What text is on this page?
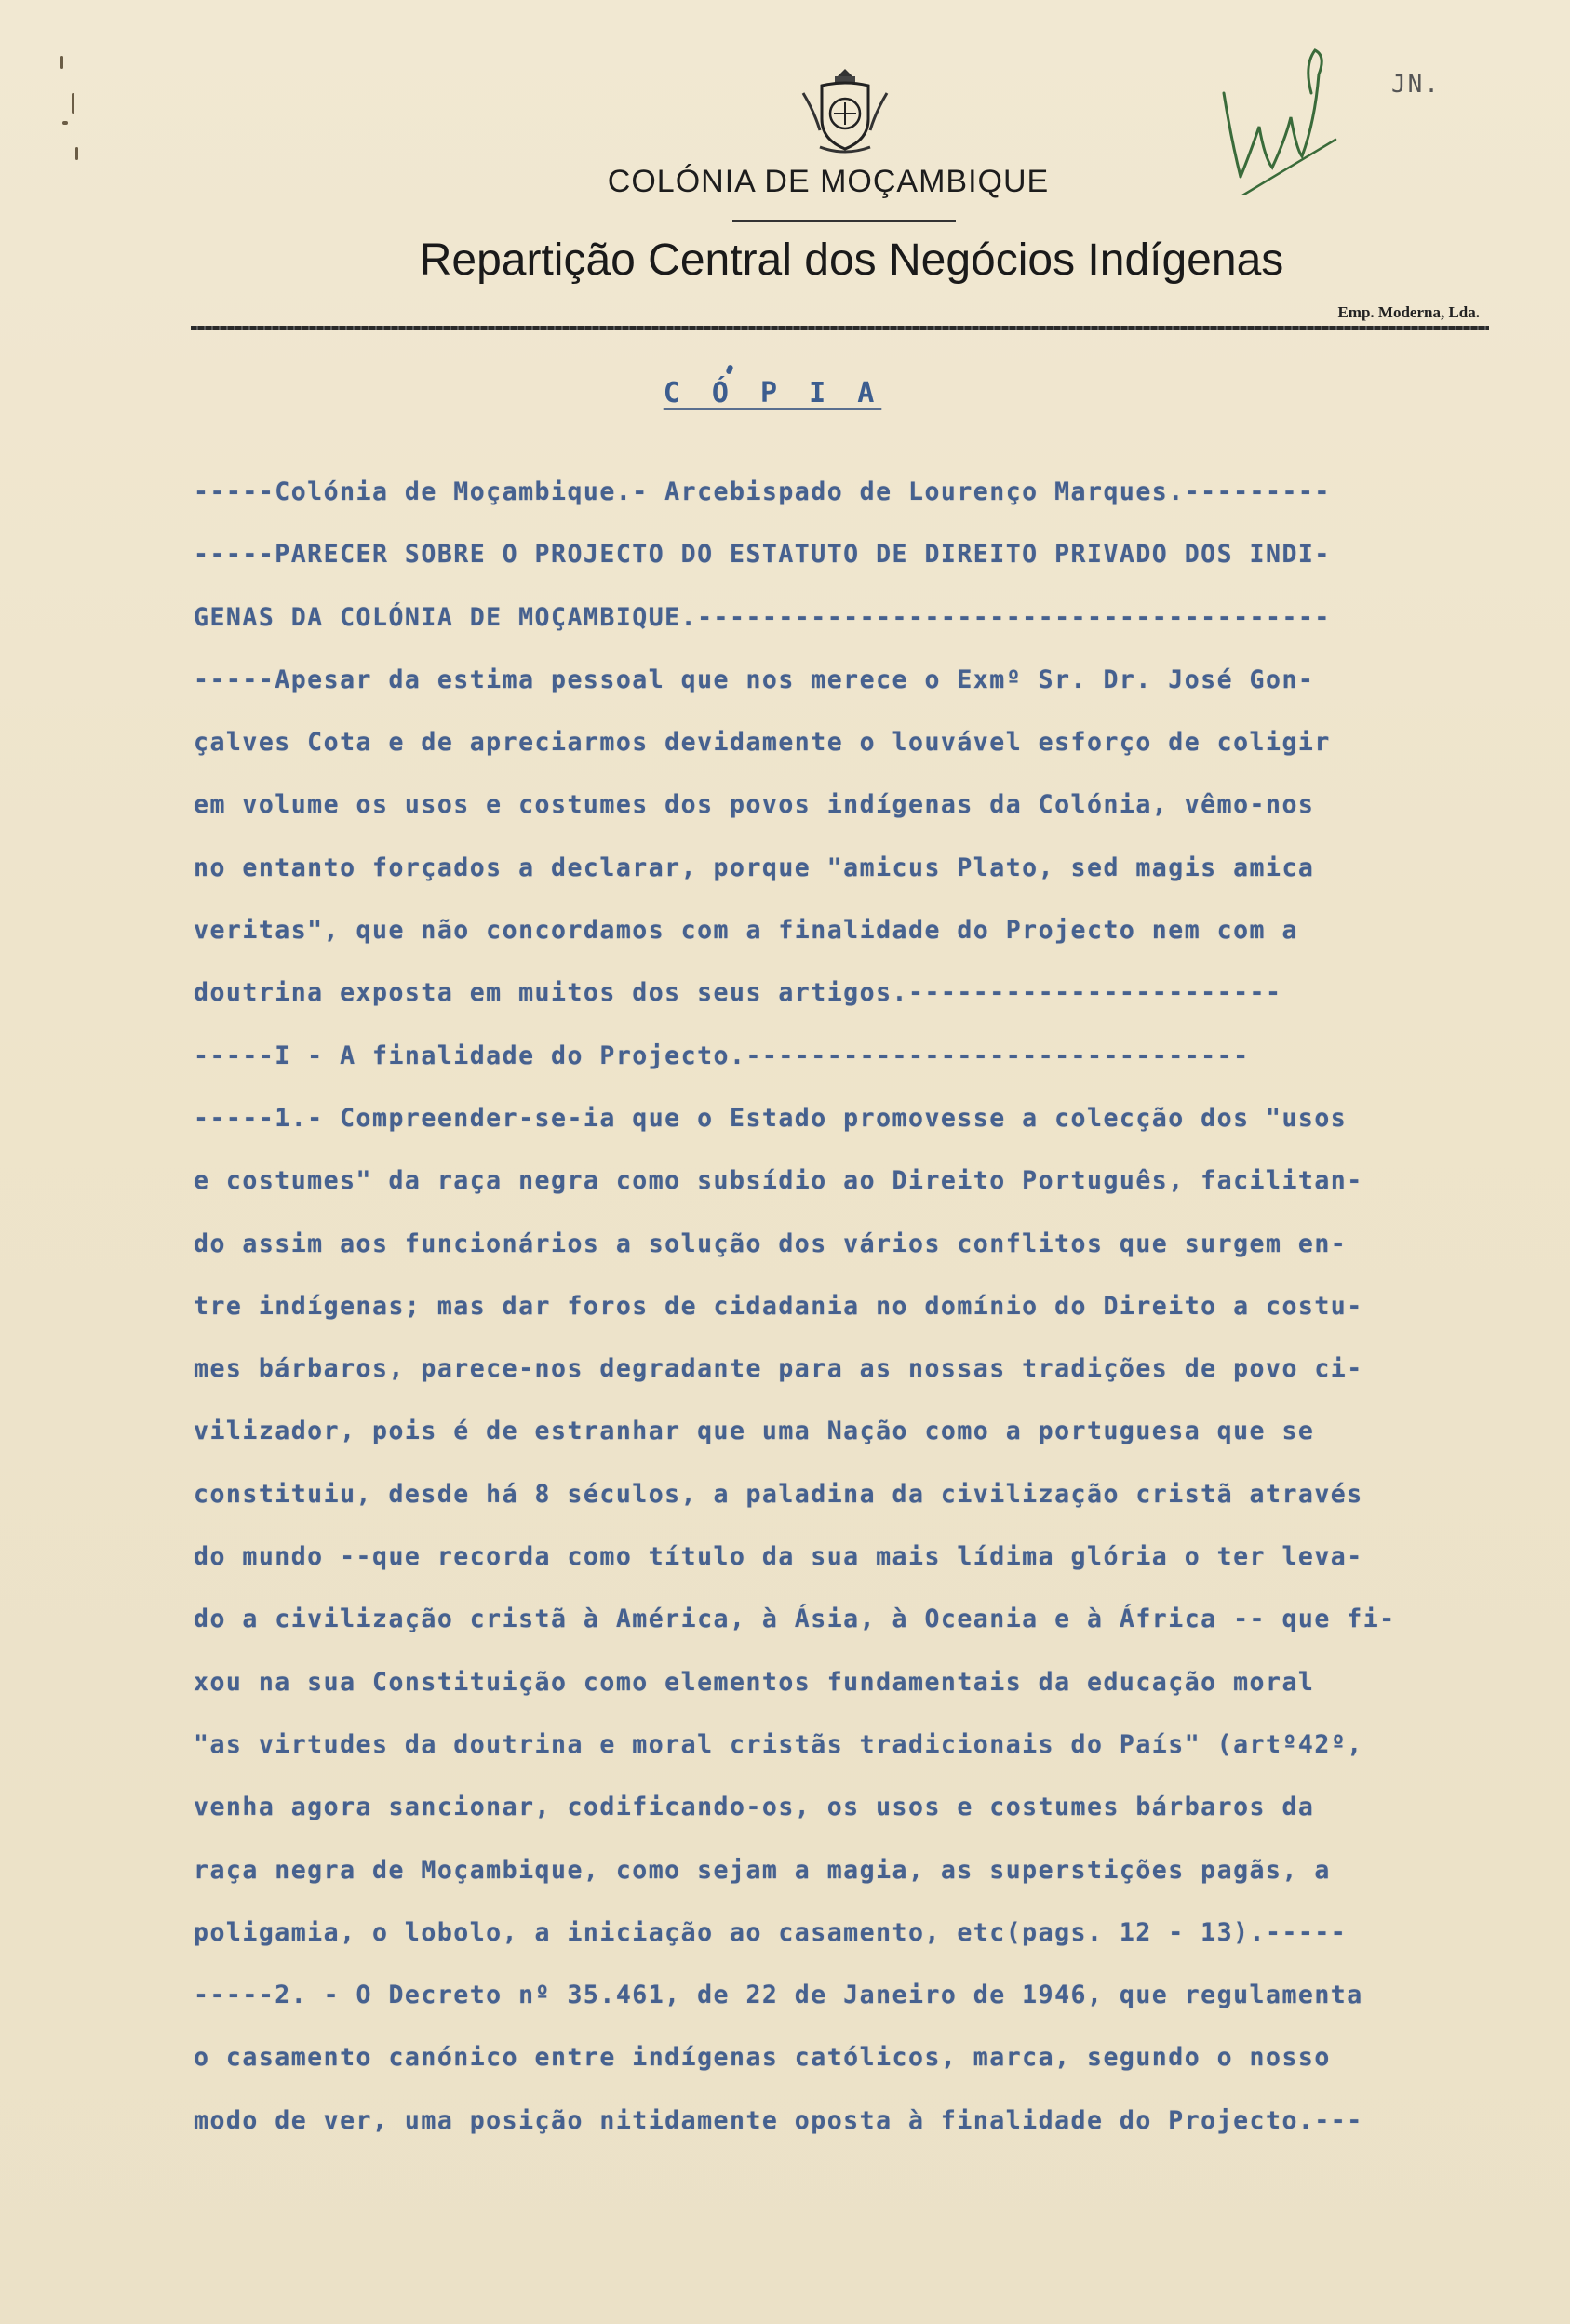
COLÓNIA DE MOÇAMBIQUE
Repartição Central dos Negócios Indígenas
Emp. Moderna, Lda.
JN.
C Ó P I A
-----Colónia de Moçambique.- Arcebispado de Lourenço Marques.---------
-----PARECER SOBRE O PROJECTO DO ESTATUTO DE DIREITO PRIVADO DOS INDI-
GENAS DA COLÓNIA DE MOÇAMBIQUE.---------------------------------------
-----Apesar da estima pessoal que nos merece o Exmº Sr. Dr. José Gon-
çalves Cota e de apreciarmos devidamente o louvável esforço de coligir
em volume os usos e costumes dos povos indígenas da Colónia, vêmo-nos
no entanto forçados a declarar, porque "amicus Plato, sed magis amica
veritas", que não concordamos com a finalidade do Projecto nem com a
doutrina exposta em muitos dos seus artigos.-----------------------
-----I - A finalidade do Projecto.-------------------------------
-----1.- Compreender-se-ia que o Estado promovesse a colecção dos "usos
e costumes" da raça negra como subsídio ao Direito Português, facilitan-
do assim aos funcionários a solução dos vários conflitos que surgem en-
tre indígenas; mas dar foros de cidadania no domínio do Direito a costu-
mes bárbaros, parece-nos degradante para as nossas tradições de povo ci-
vilizador, pois é de estranhar que uma Nação como a portuguesa que se
constituiu, desde há 8 séculos, a paladina da civilização cristã através
do mundo --que recorda como título da sua mais lídima glória o ter leva-
do a civilização cristã à América, à Ásia, à Oceania e à África -- que fi-
xou na sua Constituição como elementos fundamentais da educação moral
"as virtudes da doutrina e moral cristãs tradicionais do País" (artº42º,
venha agora sancionar, codificando-os, os usos e costumes bárbaros da
raça negra de Moçambique, como sejam a magia, as superstições pagãs, a
poligamia, o lobolo, a iniciação ao casamento, etc(pags. 12 - 13).-----
-----2. - O Decreto nº 35.461, de 22 de Janeiro de 1946, que regulamenta
o casamento canónico entre indígenas católicos, marca, segundo o nosso
modo de ver, uma posição nitidamente oposta à finalidade do Projecto.---
